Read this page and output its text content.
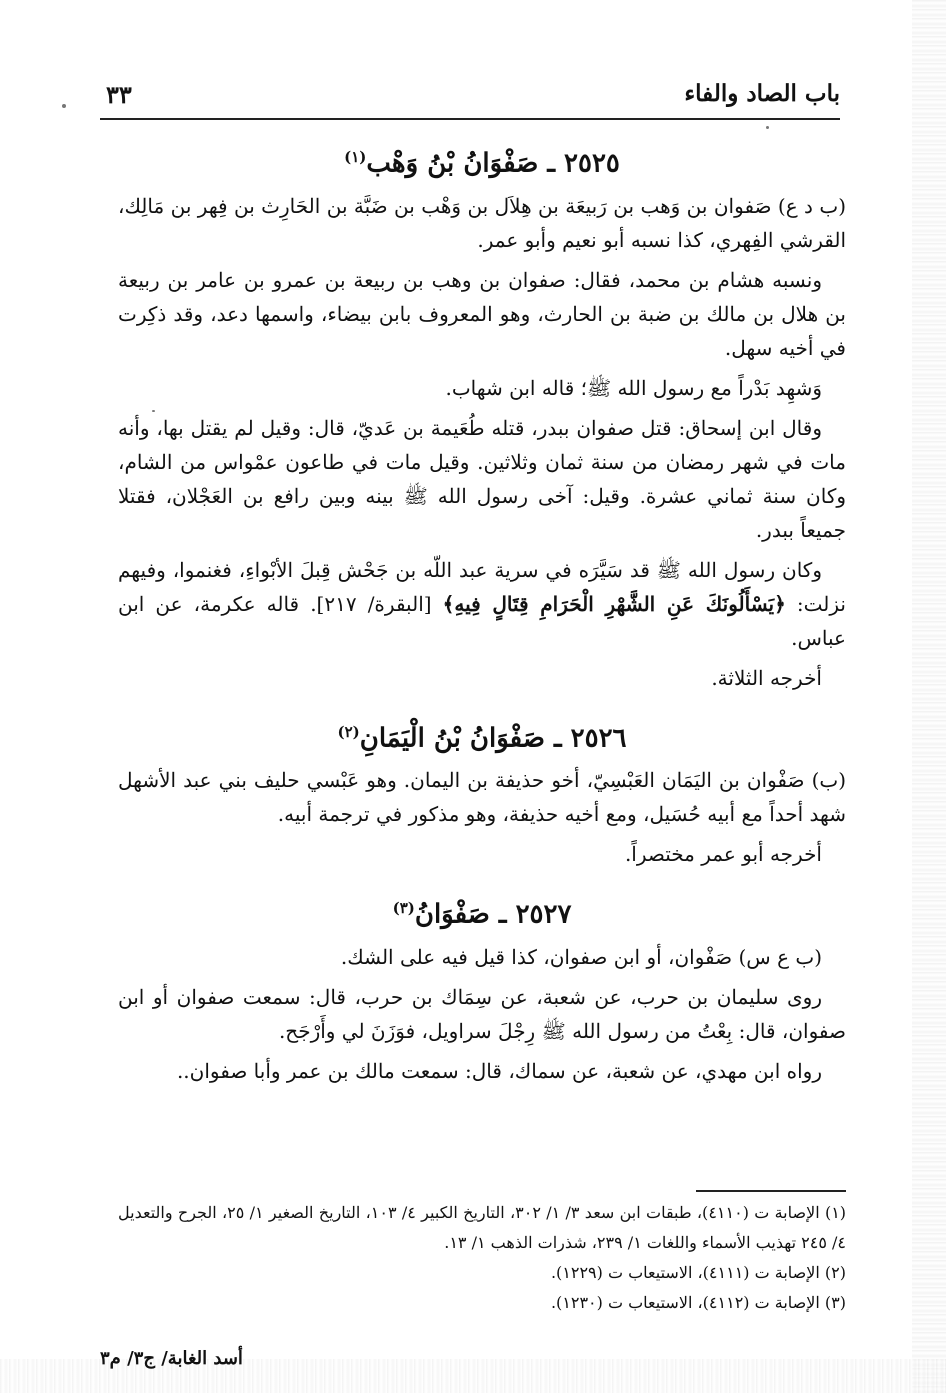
باب الصاد والفاء
٣٣
٢٥٢٥ ـ صَفْوَانُ بْنُ وَهْب$^{(١)}$

(ب د ع) صَفوان بن وَهب بن رَبيعَة بن هِلاَل بن وَهْب بن ضَبَّة بن الحَارِث بن فِهر بن مَالِك، القرشي الفِهري، كذا نسبه أبو نعيم وأبو عمر.

ونسبه هشام بن محمد، فقال: صفوان بن وهب بن ربيعة بن عمرو بن عامر بن ربيعة بن هلال بن مالك بن ضبة بن الحارث، وهو المعروف بابن بيضاء، واسمها دعد، وقد ذكِرت في أخيه سهل.

وَشهِد بَدْراً مع رسول الله ﷺ؛ قاله ابن شهاب.

وقال ابن إسحاق: قتل صفوان ببدر، قتله طُعَيمة بن عَديّ، قال: وقيل لم يقتل بها، وأنه مات في شهر رمضان من سنة ثمان وثلاثين. وقيل مات في طاعون عمْواس من الشام، وكان سنة ثماني عشرة. وقيل: آخى رسول الله ﷺ بينه وبين رافع بن العَجْلان، فقتلا جميعاً ببدر.

وكان رسول الله ﷺ قد سَيَّرَه في سرية عبد اللّه بن جَحْش قِبلَ الأبْواءِ، فغنموا، وفيهم نزلت: ﴿يَسْأَلُونَكَ عَنِ الشَّهْرِ الْحَرَامِ قِتَالٍ فِيهِ﴾ [البقرة/ ٢١٧]. قاله عكرمة، عن ابن عباس.

أخرجه الثلاثة.

٢٥٢٦ ـ صَفْوَانُ بْنُ الْيَمَانِ$^{(٢)}$

(ب) صَفْوان بن اليَمَان العَبْسِيّ، أخو حذيفة بن اليمان. وهو عَبْسي حليف بني عبد الأشهل شهد أحداً مع أبيه حُسَيل، ومع أخيه حذيفة، وهو مذكور في ترجمة أبيه.

أخرجه أبو عمر مختصراً.

٢٥٢٧ ـ صَفْوَانُ$^{(٣)}$

(ب ع س) صَفْوان، أو ابن صفوان، كذا قيل فيه على الشك.

روى سليمان بن حرب، عن شعبة، عن سِمَاك بن حرب، قال: سمعت صفوان أو ابن صفوان، قال: بِعْتُ من رسول الله ﷺ رِجْلَ سراويل، فوَزَنَ لي وأَرْجَح.

رواه ابن مهدي، عن شعبة، عن سماك، قال: سمعت مالك بن عمر وأبا صفوان..

(١) الإصابة ت (٤١١٠)، طبقات ابن سعد ٣/ ١/ ٣٠٢، التاريخ الكبير ٤/ ١٠٣، التاريخ الصغير ١/ ٢٥، الجرح والتعديل ٤/ ٢٤٥ تهذيب الأسماء واللغات ١/ ٢٣٩، شذرات الذهب ١/ ١٣.

(٢) الإصابة ت (٤١١١)، الاستيعاب ت (١٢٢٩).

(٣) الإصابة ت (٤١١٢)، الاستيعاب ت (١٢٣٠).

أسد الغابة/ ج٣/ م٣
